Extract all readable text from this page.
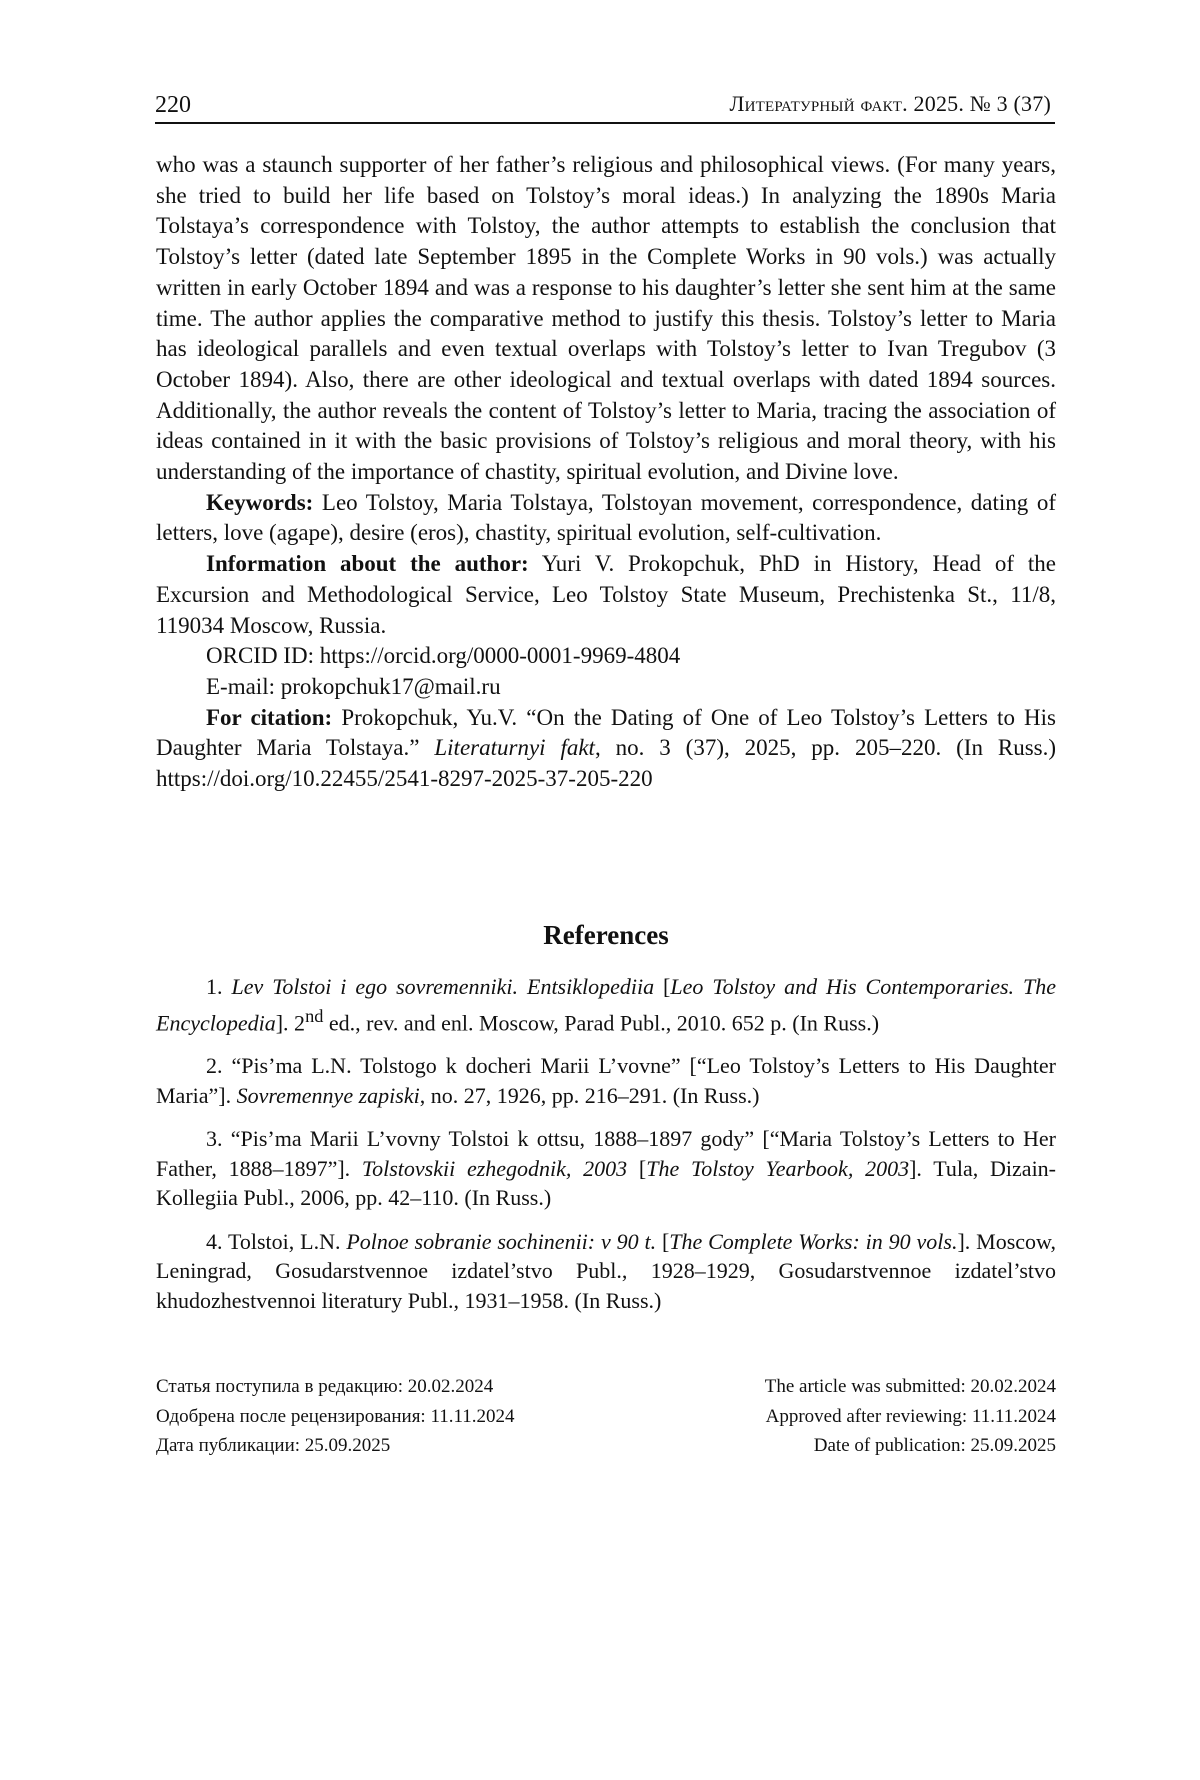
220	Литературный факт. 2025. № 3 (37)

who was a staunch supporter of her father’s religious and philosophical views. (For many years, she tried to build her life based on Tolstoy’s moral ideas.) In analyzing the 1890s Maria Tolstaya’s correspondence with Tolstoy, the author attempts to establish the conclusion that Tolstoy’s letter (dated late September 1895 in the Complete Works in 90 vols.) was actually written in early October 1894 and was a response to his daughter’s letter she sent him at the same time. The author applies the comparative method to justify this thesis. Tolstoy’s letter to Maria has ideological parallels and even textual overlaps with Tolstoy’s letter to Ivan Tregubov (3 October 1894). Also, there are other ideological and textual overlaps with dated 1894 sources. Additionally, the author reveals the content of Tolstoy’s letter to Maria, tracing the association of ideas contained in it with the basic provisions of Tolstoy’s religious and moral theory, with his understanding of the importance of chastity, spiritual evolution, and Divine love.

Keywords: Leo Tolstoy, Maria Tolstaya, Tolstoyan movement, correspondence, dating of letters, love (agape), desire (eros), chastity, spiritual evolution, self-cultivation.

Information about the author: Yuri V. Prokopchuk, PhD in History, Head of the Excursion and Methodological Service, Leo Tolstoy State Museum, Prechistenka St., 11/8, 119034 Moscow, Russia.

ORCID ID: https://orcid.org/0000-0001-9969-4804

E-mail: prokopchuk17@mail.ru

For citation: Prokopchuk, Yu.V. “On the Dating of One of Leo Tolstoy’s Letters to His Daughter Maria Tolstaya.” Literaturnyi fakt, no. 3 (37), 2025, pp. 205–220. (In Russ.) https://doi.org/10.22455/2541-8297-2025-37-205-220

References

1. Lev Tolstoi i ego sovremenniki. Entsiklopediia [Leo Tolstoy and His Contemporaries. The Encyclopedia]. 2nd ed., rev. and enl. Moscow, Parad Publ., 2010. 652 p. (In Russ.)

2. “Pis’ma L.N. Tolstogo k docheri Marii L’vovne” [“Leo Tolstoy’s Letters to His Daughter Maria”]. Sovremennye zapiski, no. 27, 1926, pp. 216–291. (In Russ.)

3. “Pis’ma Marii L’vovny Tolstoi k ottsu, 1888–1897 gody” [“Maria Tolstoy’s Letters to Her Father, 1888–1897”]. Tolstovskii ezhegodnik, 2003 [The Tolstoy Yearbook, 2003]. Tula, Dizain-Kollegiia Publ., 2006, pp. 42–110. (In Russ.)

4. Tolstoi, L.N. Polnoe sobranie sochinenii: v 90 t. [The Complete Works: in 90 vols.]. Moscow, Leningrad, Gosudarstvennoe izdatel’stvo Publ., 1928–1929, Gosudarstvennoe izdatel’stvo khudozhestvennoi literatury Publ., 1931–1958. (In Russ.)

Статья поступила в редакцию: 20.02.2024	The article was submitted: 20.02.2024
Одобрена после рецензирования: 11.11.2024	Approved after reviewing: 11.11.2024
Дата публикации: 25.09.2025	Date of publication: 25.09.2025
